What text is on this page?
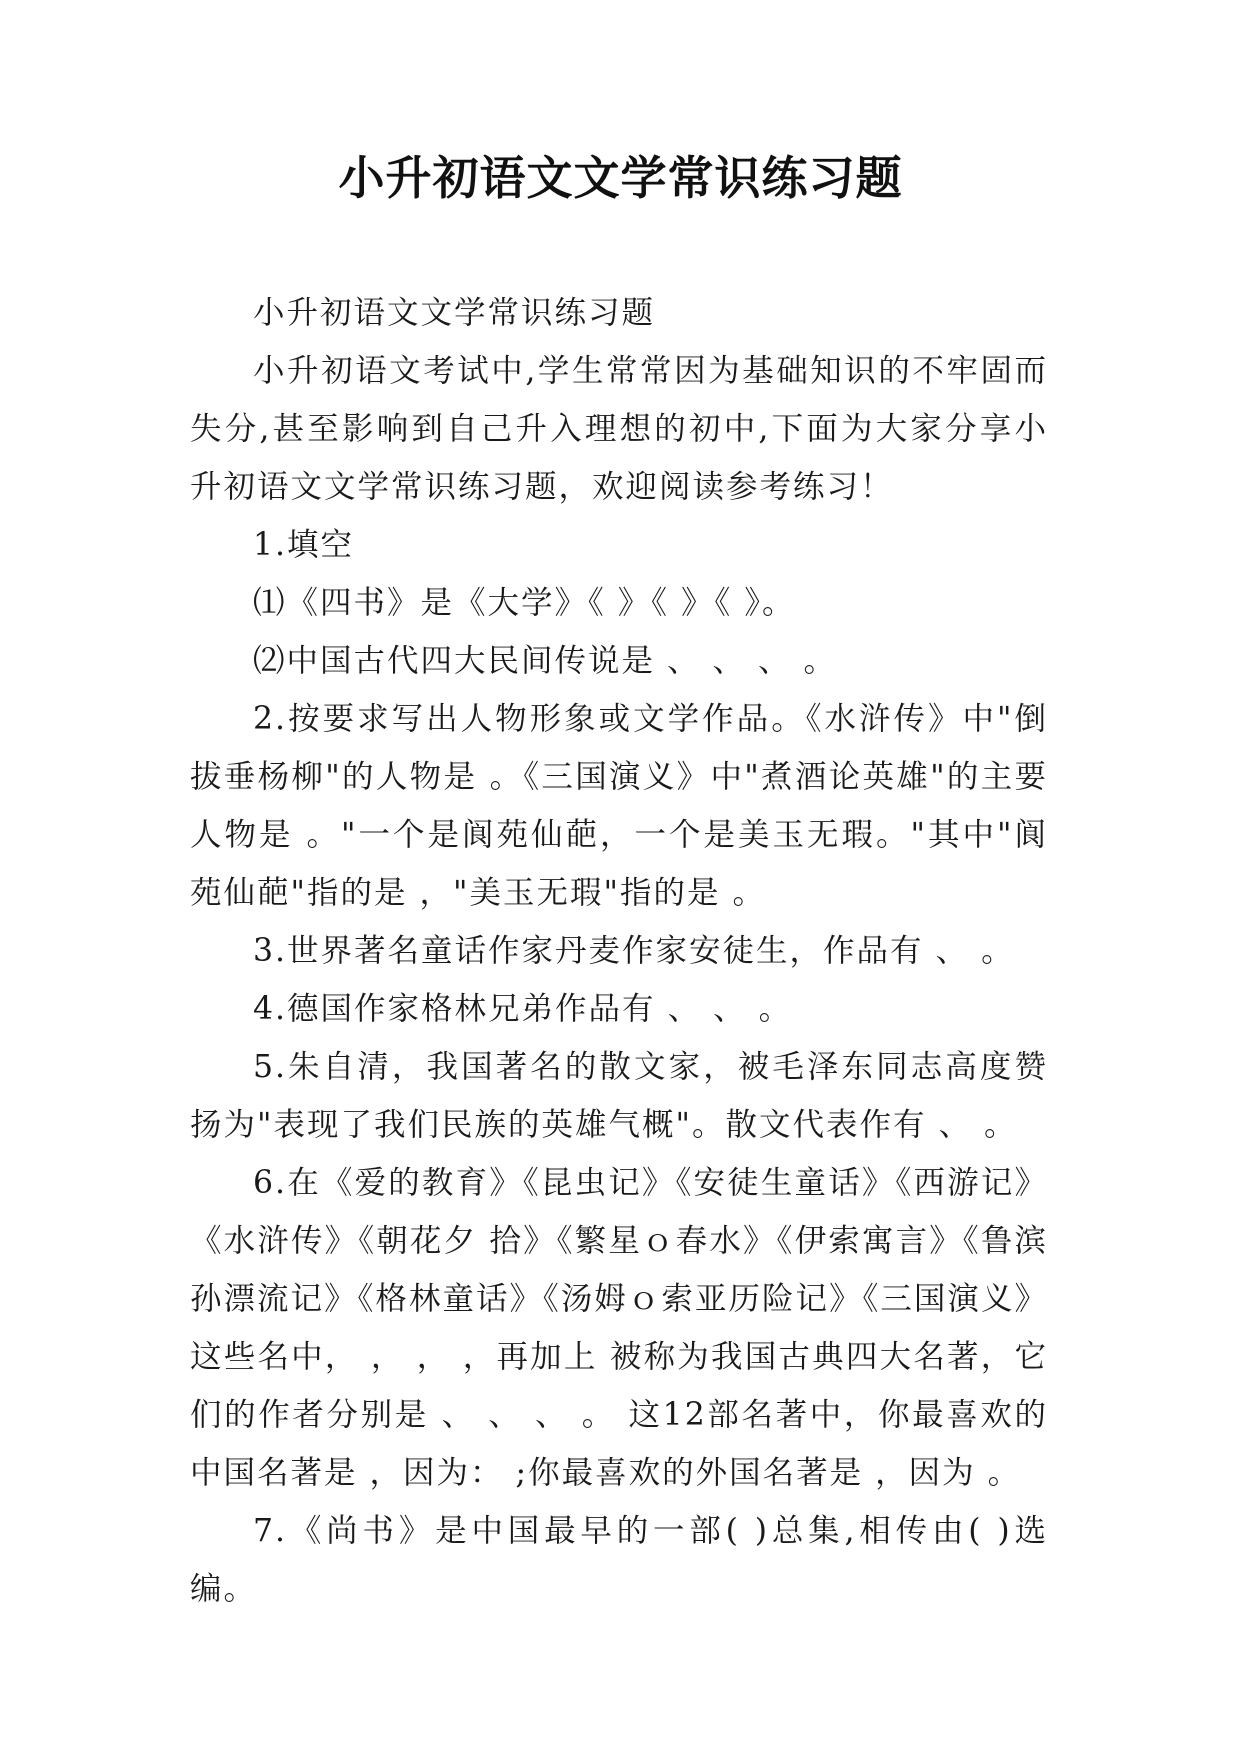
小升初语文文学常识练习题

小升初语文文学常识练习题

小升初语文考试中,学生常常因为基础知识的不牢固而失分,甚至影响到自己升入理想的初中,下面为大家分享小升初语文文学常识练习题，欢迎阅读参考练习！

1.填空

⑴《四书》是《大学》《 》《 》《 》。

⑵中国古代四大民间传说是 、 、 、 。

2.按要求写出人物形象或文学作品。《水浒传》中"倒拔垂杨柳"的人物是 。《三国演义》中"煮酒论英雄"的主要人物是 。"一个是阆苑仙葩，一个是美玉无瑕。"其中"阆苑仙葩"指的是 ，"美玉无瑕"指的是 。

3.世界著名童话作家丹麦作家安徒生，作品有 、 。

4.德国作家格林兄弟作品有 、 、 。

5.朱自清，我国著名的散文家，被毛泽东同志高度赞扬为"表现了我们民族的英雄气概"。散文代表作有 、 。

6.在《爱的教育》《昆虫记》《安徒生童话》《西游记》《水浒传》《朝花夕 拾》《繁星ｏ春水》《伊索寓言》《鲁滨孙漂流记》《格林童话》《汤姆ｏ索亚历险记》《三国演义》这些名中， ， ， ，再加上 被称为我国古典四大名著，它们的作者分别是 、 、 、 。 这12部名著中，你最喜欢的中国名著是 ，因为： ;你最喜欢的外国名著是 ，因为 。

7.《尚书》是中国最早的一部( )总集,相传由( )选编。
